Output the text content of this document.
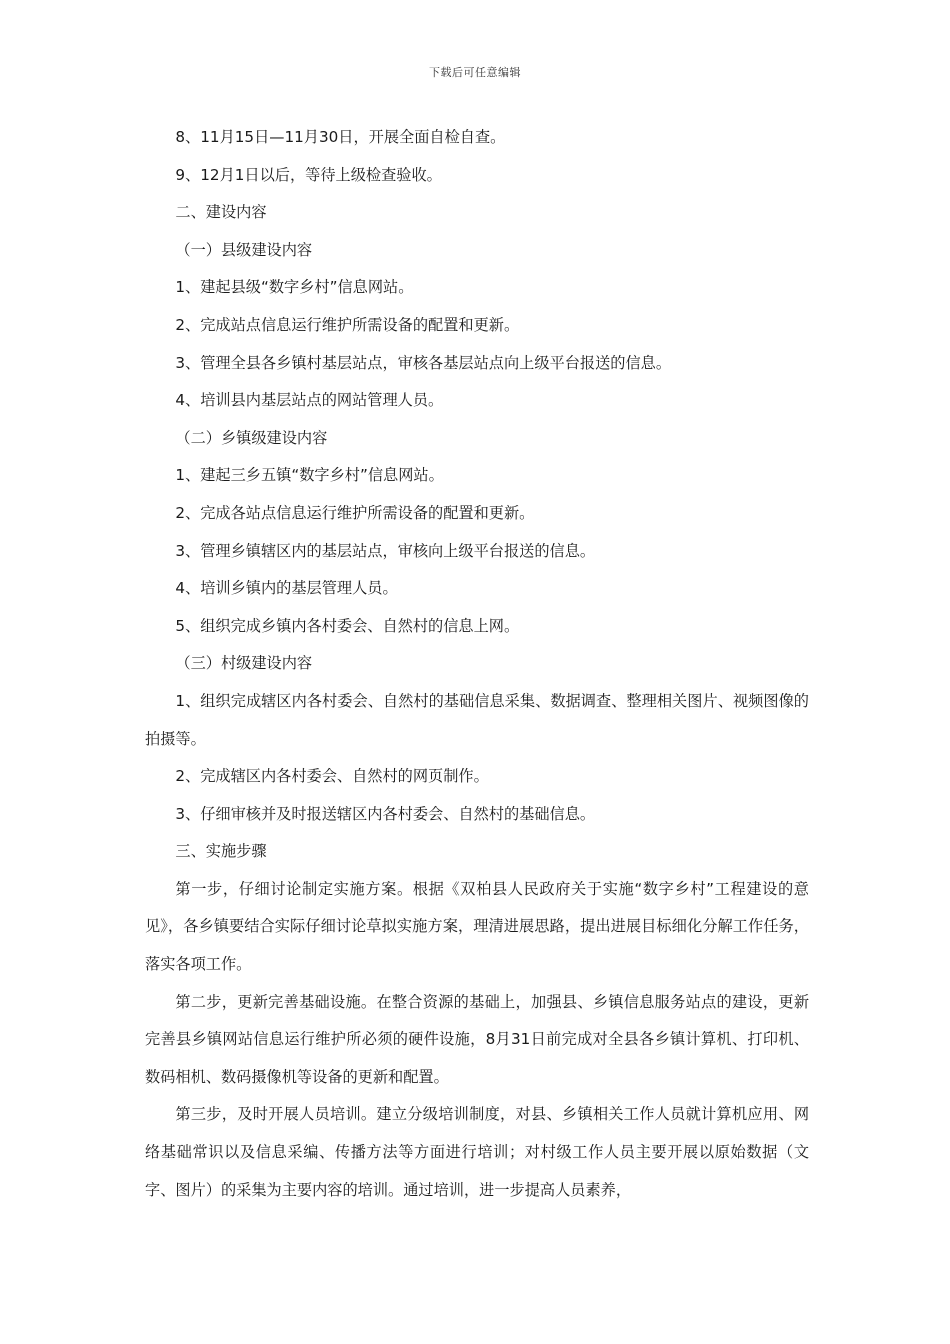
下载后可任意编辑

8、11月15日—11月30日，开展全面自检自查。

9、12月1日以后，等待上级检查验收。

二、建设内容

（一）县级建设内容

1、建起县级“数字乡村”信息网站。

2、完成站点信息运行维护所需设备的配置和更新。

3、管理全县各乡镇村基层站点，审核各基层站点向上级平台报送的信息。

4、培训县内基层站点的网站管理人员。

（二）乡镇级建设内容

1、建起三乡五镇“数字乡村”信息网站。

2、完成各站点信息运行维护所需设备的配置和更新。

3、管理乡镇辖区内的基层站点，审核向上级平台报送的信息。

4、培训乡镇内的基层管理人员。

5、组织完成乡镇内各村委会、自然村的信息上网。

（三）村级建设内容

1、组织完成辖区内各村委会、自然村的基础信息采集、数据调查、整理相关图片、视频图像的拍摄等。

2、完成辖区内各村委会、自然村的网页制作。

3、仔细审核并及时报送辖区内各村委会、自然村的基础信息。

三、实施步骤

第一步，仔细讨论制定实施方案。根据《双柏县人民政府关于实施“数字乡村”工程建设的意见》，各乡镇要结合实际仔细讨论草拟实施方案，理清进展思路，提出进展目标细化分解工作任务，落实各项工作。

第二步，更新完善基础设施。在整合资源的基础上，加强县、乡镇信息服务站点的建设，更新完善县乡镇网站信息运行维护所必须的硬件设施，8月31日前完成对全县各乡镇计算机、打印机、数码相机、数码摄像机等设备的更新和配置。

第三步，及时开展人员培训。建立分级培训制度，对县、乡镇相关工作人员就计算机应用、网络基础常识以及信息采编、传播方法等方面进行培训；对村级工作人员主要开展以原始数据（文字、图片）的采集为主要内容的培训。通过培训，进一步提高人员素养，
